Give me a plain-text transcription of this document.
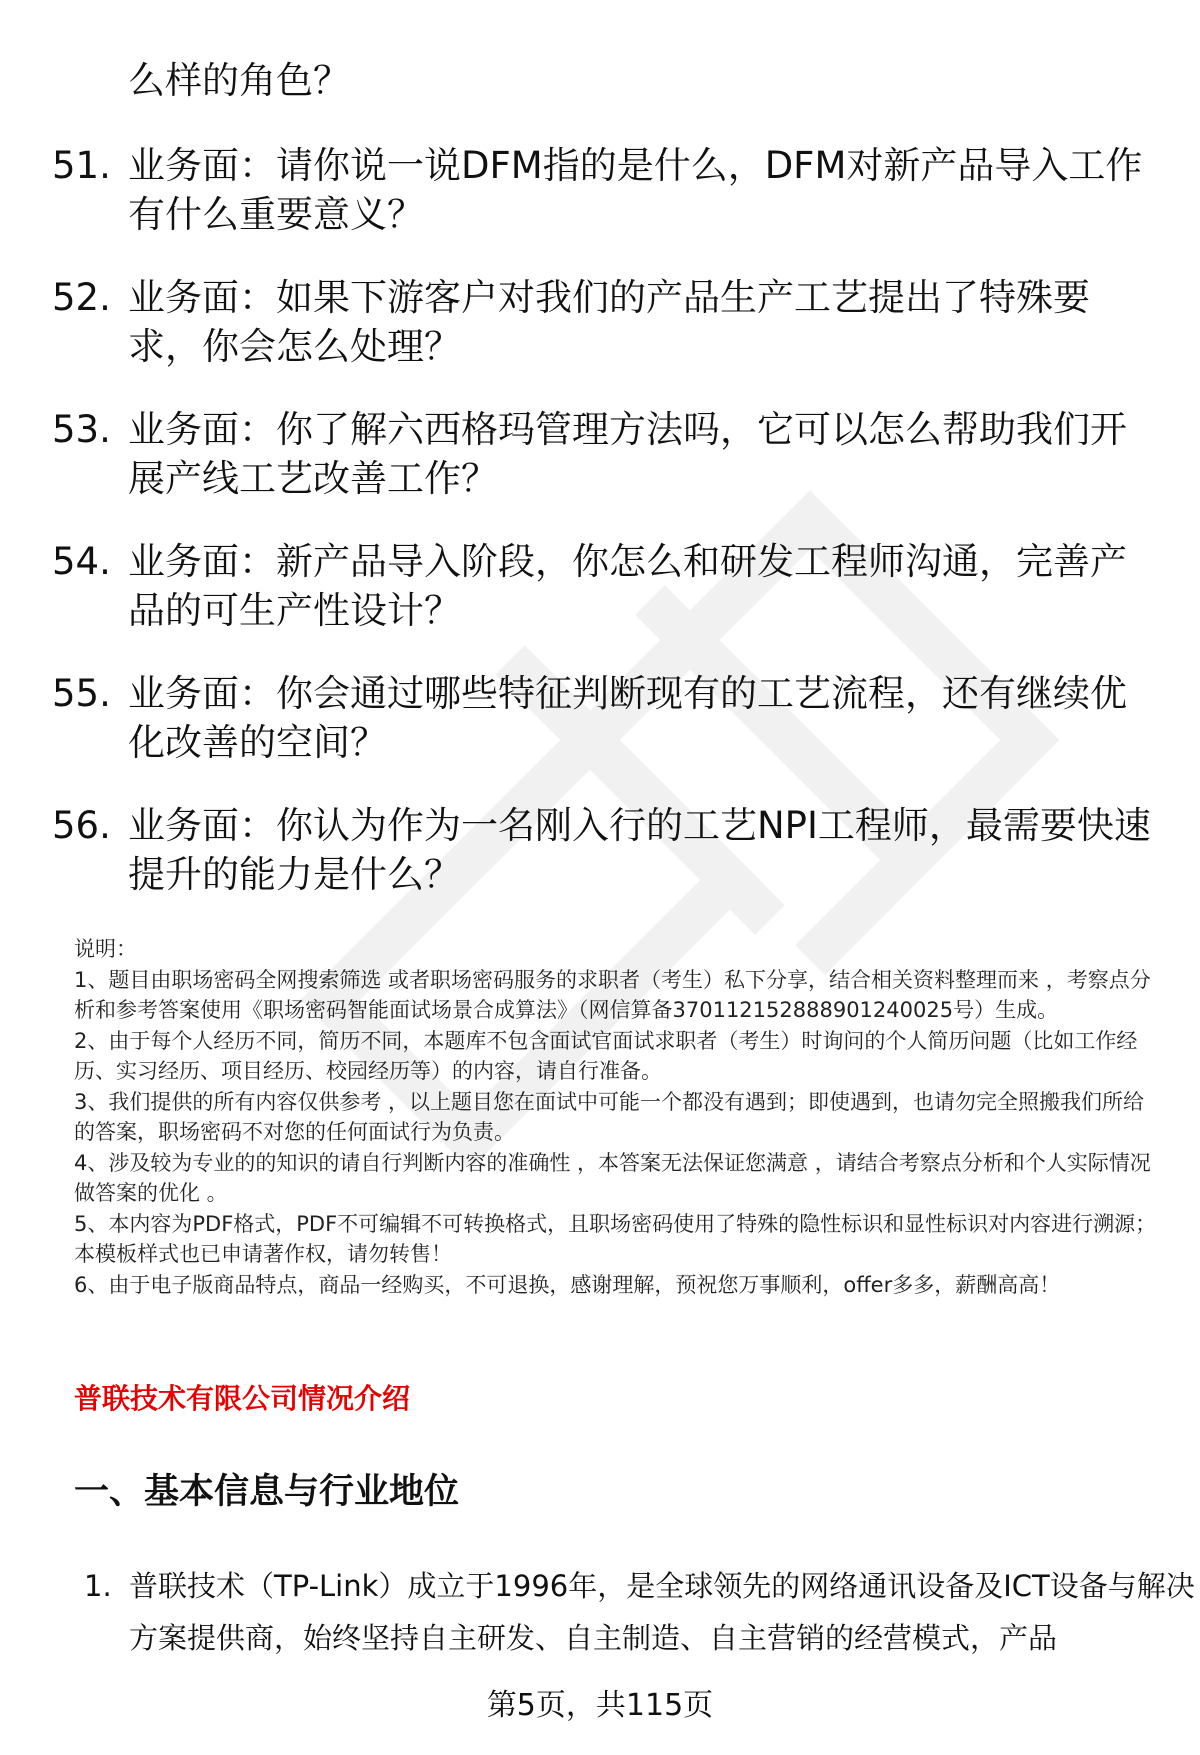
么样的角色？
51. 业务面：请你说一说DFM指的是什么，DFM对新产品导入工作有什么重要意义？
52. 业务面：如果下游客户对我们的产品生产工艺提出了特殊要求，你会怎么处理？
53. 业务面：你了解六西格玛管理方法吗，它可以怎么帮助我们开展产线工艺改善工作？
54. 业务面：新产品导入阶段，你怎么和研发工程师沟通，完善产品的可生产性设计？
55. 业务面：你会通过哪些特征判断现有的工艺流程，还有继续优化改善的空间？
56. 业务面：你认为作为一名刚入行的工艺NPI工程师，最需要快速提升的能力是什么？

说明：

1、题目由职场密码全网搜索筛选 或者职场密码服务的求职者（考生）私下分享，结合相关资料整理而来 ，考察点分析和参考答案使用《职场密码智能面试场景合成算法》（网信算备370112152888901240025号）生成。

2、由于每个人经历不同，简历不同，本题库不包含面试官面试求职者（考生）时询问的个人简历问题（比如工作经历、实习经历、项目经历、校园经历等）的内容，请自行准备。

3、我们提供的所有内容仅供参考 ，以上题目您在面试中可能一个都没有遇到；即使遇到，也请勿完全照搬我们所给的答案，职场密码不对您的任何面试行为负责。

4、涉及较为专业的的知识的请自行判断内容的准确性 ，本答案无法保证您满意 ，请结合考察点分析和个人实际情况做答案的优化 。

5、本内容为PDF格式，PDF不可编辑不可转换格式，且职场密码使用了特殊的隐性标识和显性标识对内容进行溯源；本模板样式也已申请著作权，请勿转售！

6、由于电子版商品特点，商品一经购买，不可退换，感谢理解，预祝您万事顺利，offer多多，薪酬高高！

普联技术有限公司情况介绍
一、基本信息与行业地位
1. 普联技术（TP-Link）成立于1996年，是全球领先的网络通讯设备及ICT设备与解决方案提供商，始终坚持自主研发、自主制造、自主营销的经营模式，产品
第5页，共115页
